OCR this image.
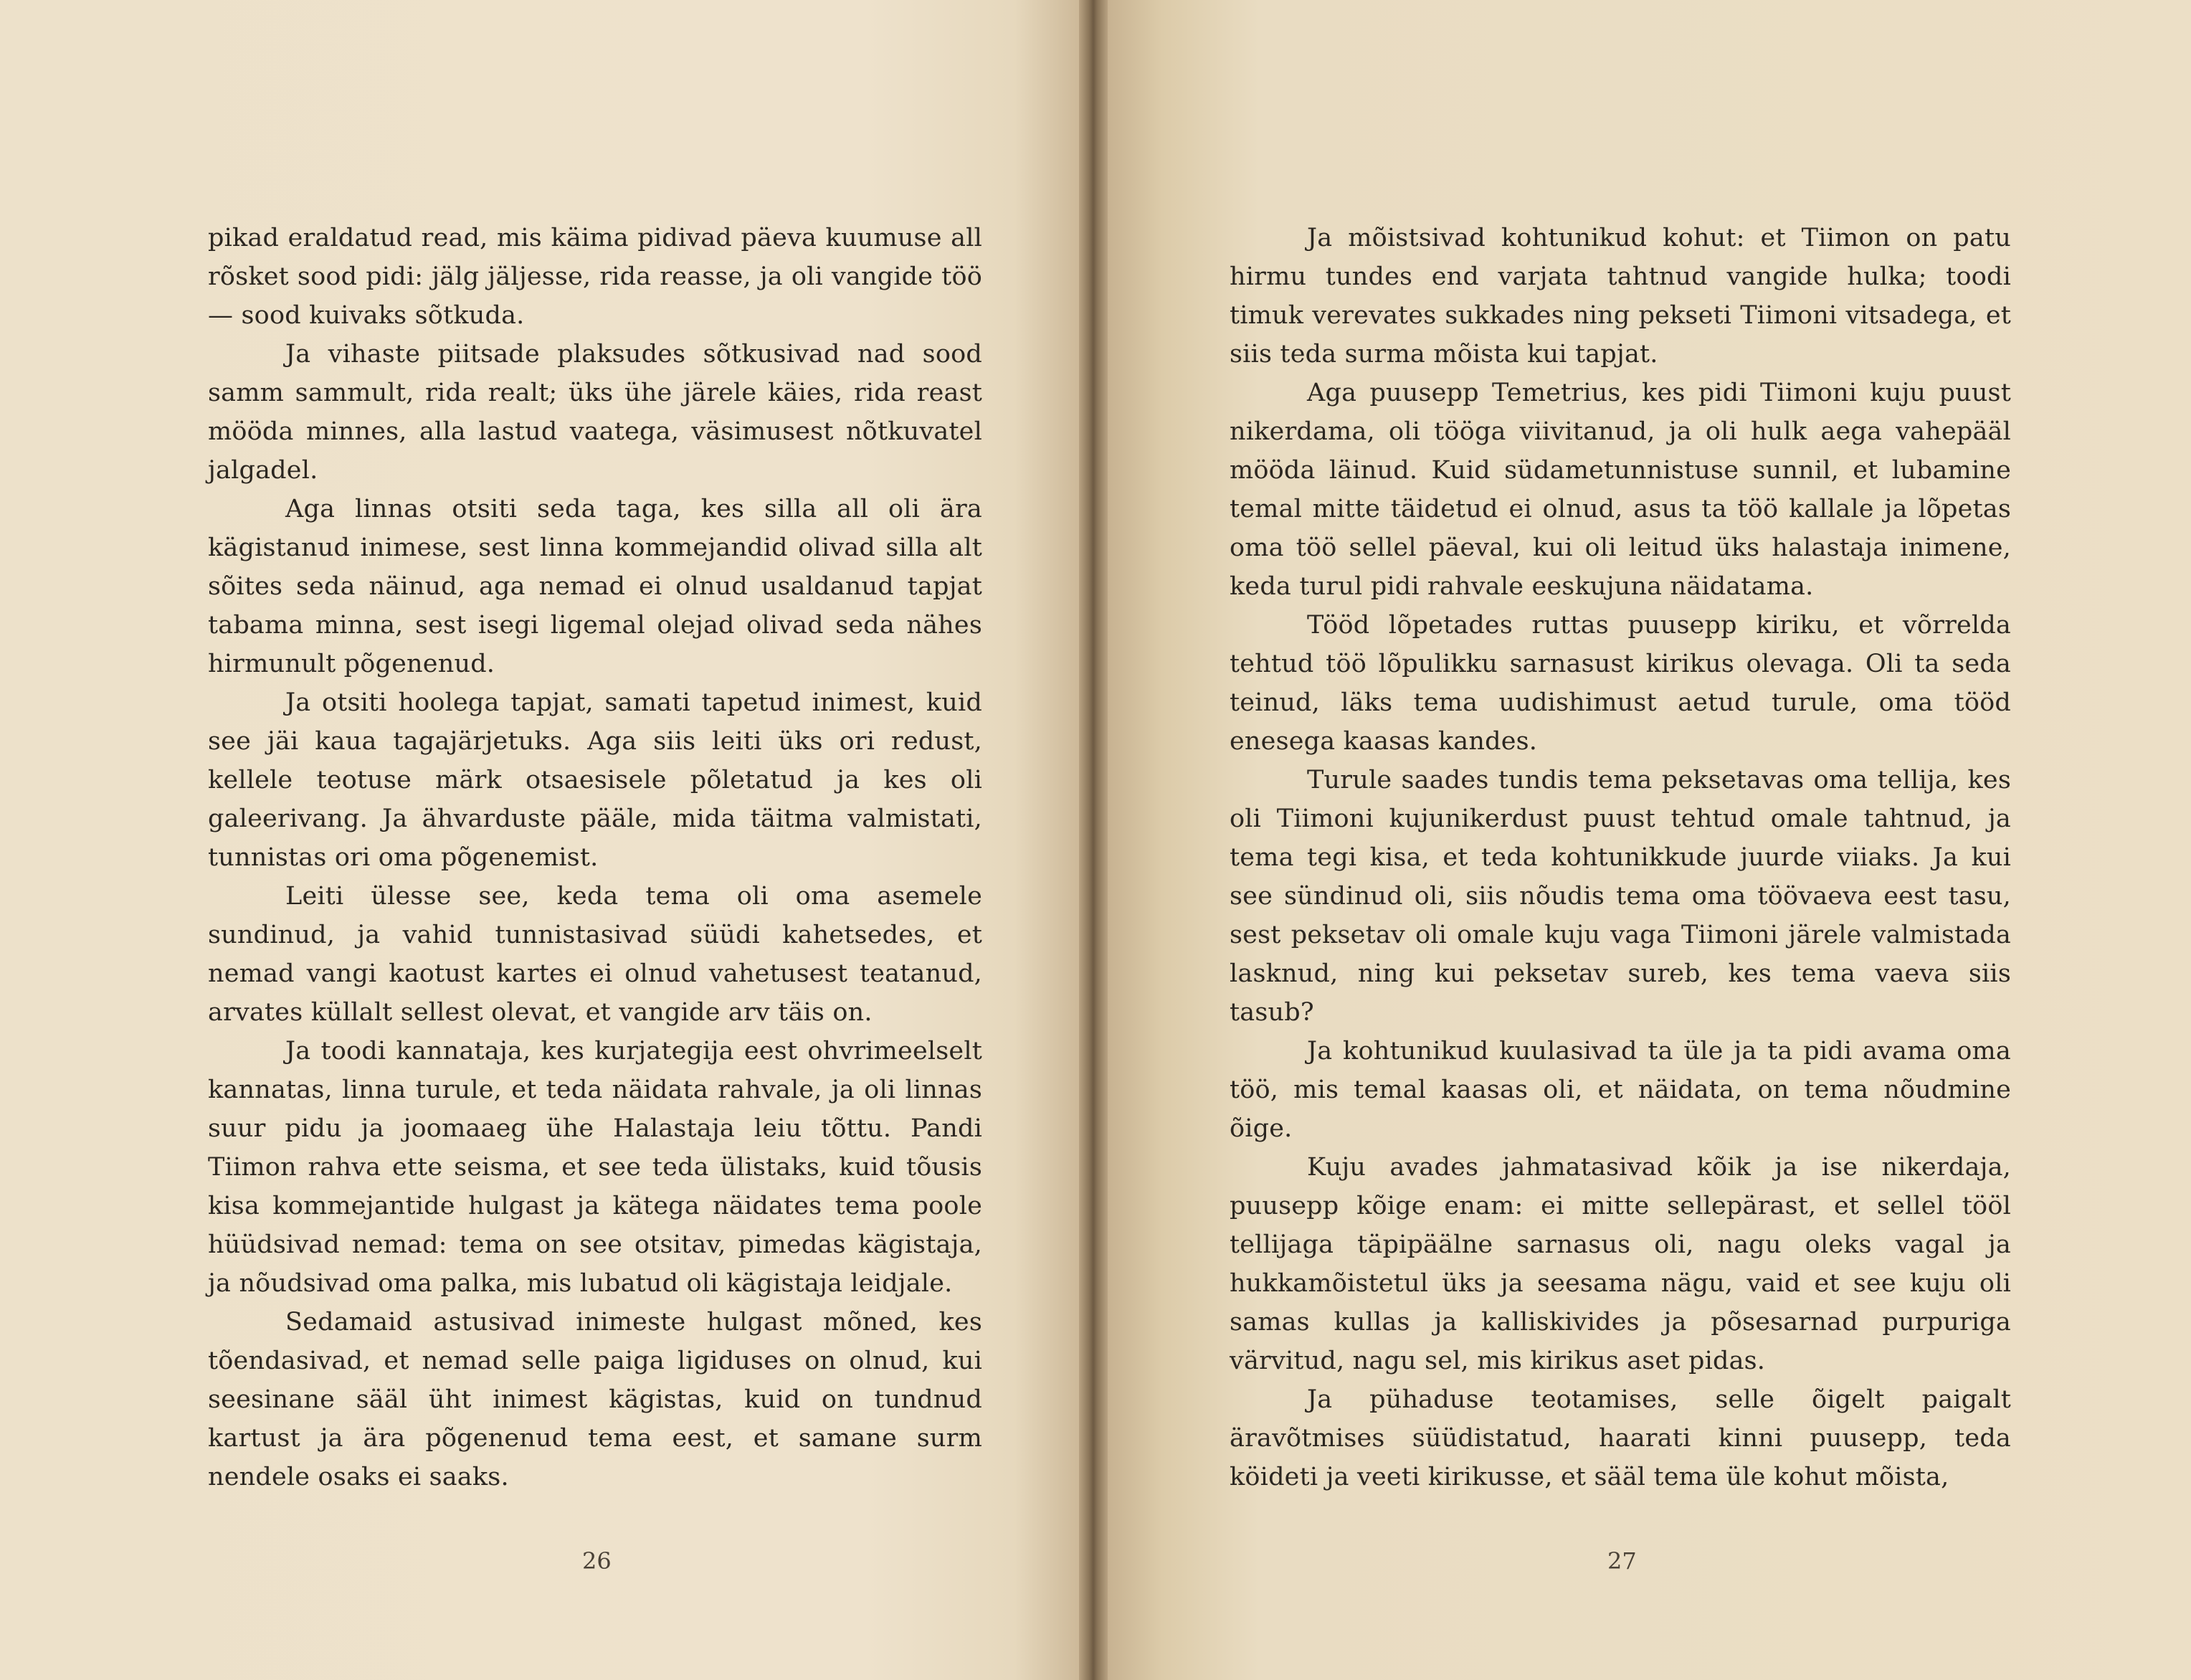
pikad eraldatud read, mis käima pidivad päeva kuumuse all rõsket sood pidi: jälg jäljesse, rida reasse, ja oli vangide töö — sood kuivaks sõtkuda.

Ja vihaste piitsade plaksudes sõtkusivad nad sood samm sammult, rida realt; üks ühe järele käies, rida reast mööda minnes, alla lastud vaatega, väsimusest nõtkuvatel jalgadel.

Aga linnas otsiti seda taga, kes silla all oli ära kägistanud inimese, sest linna kommejandid olivad silla alt sõites seda näinud, aga nemad ei olnud usaldanud tapjat tabama minna, sest isegi ligemal olejad olivad seda nähes hirmunult põgenenud.

Ja otsiti hoolega tapjat, samati tapetud inimest, kuid see jäi kaua tagajärjetuks. Aga siis leiti üks ori redust, kellele teotuse märk otsaesisele põletatud ja kes oli galeerivang. Ja ähvarduste pääle, mida täitma valmistati, tunnistas ori oma põgenemist.

Leiti ülesse see, keda tema oli oma asemele sundinud, ja vahid tunnistasivad süüdi kahetsedes, et nemad vangi kaotust kartes ei olnud vahetusest teatanud, arvates küllalt sellest olevat, et vangide arv täis on.

Ja toodi kannataja, kes kurjategija eest ohvrimeelselt kannatas, linna turule, et teda näidata rahvale, ja oli linnas suur pidu ja joomaaeg ühe Halastaja leiu tõttu. Pandi Tiimon rahva ette seisma, et see teda ülistaks, kuid tõusis kisa kommejantide hulgast ja kätega näidates tema poole hüüdsivad nemad: tema on see otsitav, pimedas kägistaja, ja nõudsivad oma palka, mis lubatud oli kägistaja leidjale.

Sedamaid astusivad inimeste hulgast mõned, kes tõendasivad, et nemad selle paiga ligiduses on olnud, kui seesinane sääl üht inimest kägistas, kuid on tundnud kartust ja ära põgenenud tema eest, et samane surm nendele osaks ei saaks.

26

Ja mõistsivad kohtunikud kohut: et Tiimon on patu hirmu tundes end varjata tahtnud vangide hulka; toodi timuk verevates sukkades ning pekseti Tiimoni vitsadega, et siis teda surma mõista kui tapjat.

Aga puusepp Temetrius, kes pidi Tiimoni kuju puust nikerdama, oli tööga viivitanud, ja oli hulk aega vahepääl mööda läinud. Kuid südametunnistuse sunnil, et lubamine temal mitte täidetud ei olnud, asus ta töö kallale ja lõpetas oma töö sellel päeval, kui oli leitud üks halastaja inimene, keda turul pidi rahvale eeskujuna näidatama.

Tööd lõpetades ruttas puusepp kiriku, et võrrelda tehtud töö lõpulikku sarnasust kirikus olevaga. Oli ta seda teinud, läks tema uudishimust aetud turule, oma tööd enesega kaasas kandes.

Turule saades tundis tema peksetavas oma tellija, kes oli Tiimoni kujunikerdust puust tehtud omale tahtnud, ja tema tegi kisa, et teda kohtunikkude juurde viiaks. Ja kui see sündinud oli, siis nõudis tema oma töövaeva eest tasu, sest peksetav oli omale kuju vaga Tiimoni järele valmistada lasknud, ning kui peksetav sureb, kes tema vaeva siis tasub?

Ja kohtunikud kuulasivad ta üle ja ta pidi avama oma töö, mis temal kaasas oli, et näidata, on tema nõudmine õige.

Kuju avades jahmatasivad kõik ja ise nikerdaja, puusepp kõige enam: ei mitte sellepärast, et sellel tööl tellijaga täpipäälne sarnasus oli, nagu oleks vagal ja hukkamõistetul üks ja seesama nägu, vaid et see kuju oli samas kullas ja kalliskivides ja põsesarnad purpuriga värvitud, nagu sel, mis kirikus aset pidas.

Ja pühaduse teotamises, selle õigelt paigalt äravõtmises süüdistatud, haarati kinni puusepp, teda köideti ja veeti kirikusse, et sääl tema üle kohut mõista,

27
